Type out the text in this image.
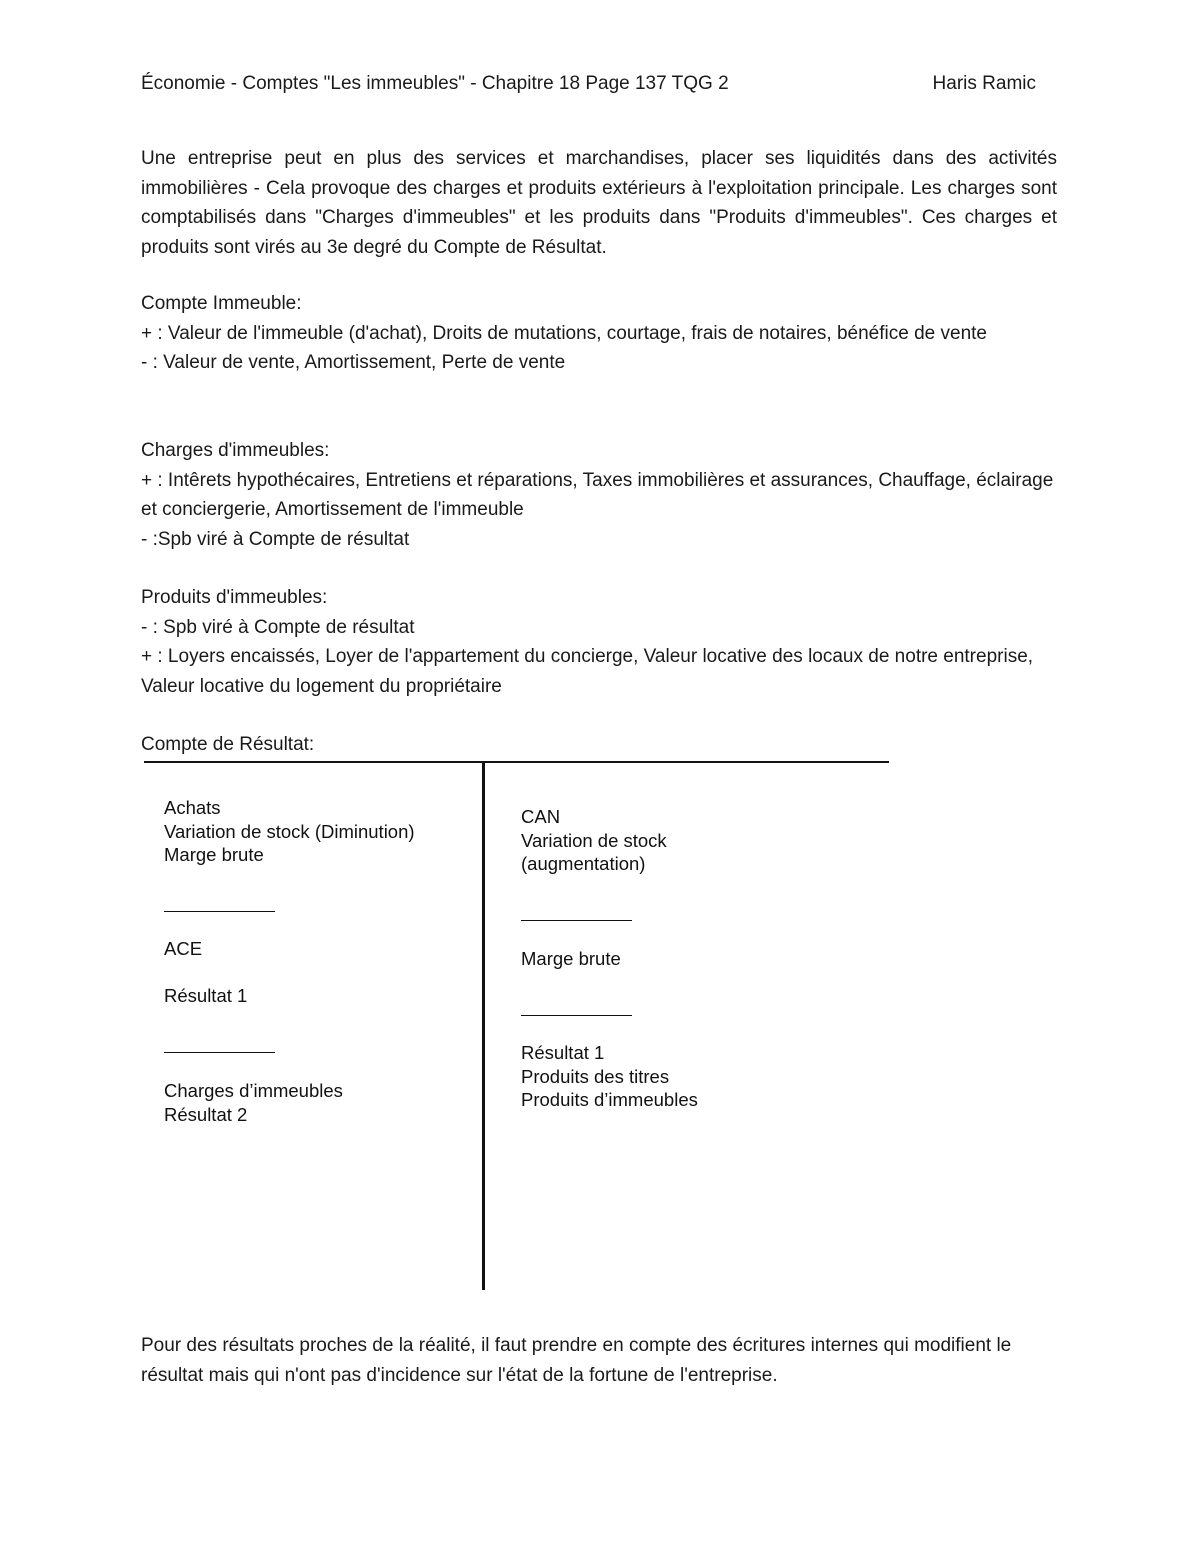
Économie - Comptes "Les immeubles" - Chapitre 18 Page 137 TQG 2	Haris Ramic

Une entreprise peut en plus des services et marchandises, placer ses liquidités dans des activités immobilières - Cela provoque des charges et produits extérieurs à l'exploitation principale. Les charges sont comptabilisés dans "Charges d'immeubles" et les produits dans "Produits d'immeubles". Ces charges et produits sont virés au 3e degré du Compte de Résultat.

Compte Immeuble:

+ : Valeur de l'immeuble (d'achat), Droits de mutations, courtage, frais de notaires, bénéfice de vente

- : Valeur de vente, Amortissement, Perte de vente

Charges d'immeubles:

+ : Intêrets hypothécaires, Entretiens et réparations, Taxes immobilières et assurances, Chauffage, éclairage et conciergerie, Amortissement de l'immeuble

- :Spb viré à Compte de résultat

Produits d'immeubles:

- : Spb viré à Compte de résultat

+ : Loyers encaissés, Loyer de l'appartement du concierge, Valeur locative des locaux de notre entreprise, Valeur locative du logement du propriétaire

Compte de Résultat:

Achats

Variation de stock (Diminution)

Marge brute

ACE

Résultat 1

Charges d’immeubles

Résultat 2

CAN

Variation de stock

(augmentation)

Marge brute

Résultat 1

Produits des titres

Produits d’immeubles

Pour des résultats proches de la réalité, il faut prendre en compte des écritures internes qui modifient le résultat mais qui n'ont pas d'incidence sur l'état de la fortune de l'entreprise.
